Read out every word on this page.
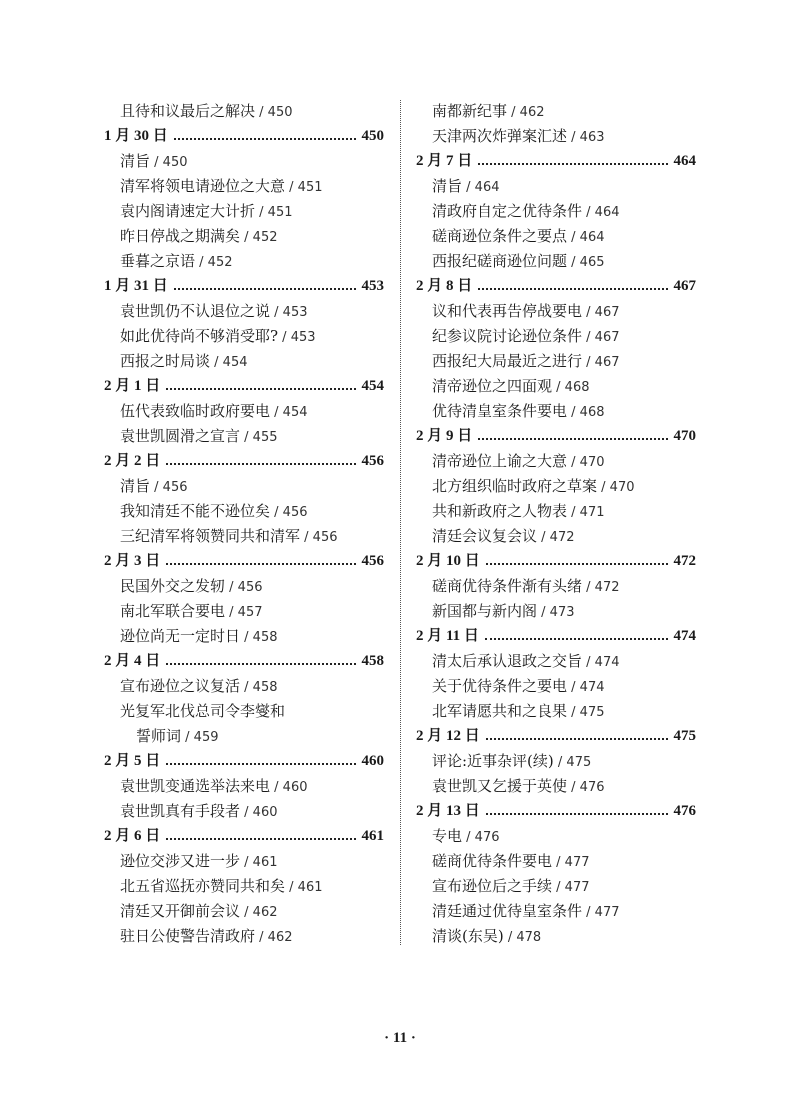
且待和议最后之解决 / 450
1 月 30 日	450
清旨 / 450
清军将领电请逊位之大意 / 451
袁内阁请速定大计折 / 451
昨日停战之期满矣 / 452
垂暮之京语 / 452
1 月 31 日	453
袁世凯仍不认退位之说 / 453
如此优待尚不够消受耶? / 453
西报之时局谈 / 454
2 月 1 日	454
伍代表致临时政府要电 / 454
袁世凯圆滑之宣言 / 455
2 月 2 日	456
清旨 / 456
我知清廷不能不逊位矣 / 456
三纪清军将领赞同共和清军 / 456
2 月 3 日	456
民国外交之发轫 / 456
南北军联合要电 / 457
逊位尚无一定时日 / 458
2 月 4 日	458
宣布逊位之议复活 / 458
光复军北伐总司令李燮和
誓师词 / 459
2 月 5 日	460
袁世凯变通选举法来电 / 460
袁世凯真有手段者 / 460
2 月 6 日	461
逊位交涉又进一步 / 461
北五省巡抚亦赞同共和矣 / 461
清廷又开御前会议 / 462
驻日公使警告清政府 / 462
南都新纪事 / 462
天津两次炸弹案汇述 / 463
2 月 7 日	464
清旨 / 464
清政府自定之优待条件 / 464
磋商逊位条件之要点 / 464
西报纪磋商逊位问题 / 465
2 月 8 日	467
议和代表再告停战要电 / 467
纪参议院讨论逊位条件 / 467
西报纪大局最近之进行 / 467
清帝逊位之四面观 / 468
优待清皇室条件要电 / 468
2 月 9 日	470
清帝逊位上谕之大意 / 470
北方组织临时政府之草案 / 470
共和新政府之人物表 / 471
清廷会议复会议 / 472
2 月 10 日	472
磋商优待条件渐有头绪 / 472
新国都与新内阁 / 473
2 月 11 日	474
清太后承认退政之交旨 / 474
关于优待条件之要电 / 474
北军请愿共和之良果 / 475
2 月 12 日	475
评论:近事杂评(续) / 475
袁世凯又乞援于英使 / 476
2 月 13 日	476
专电 / 476
磋商优待条件要电 / 477
宣布逊位后之手续 / 477
清廷通过优待皇室条件 / 477
清谈(东吴) / 478
· 11 ·
